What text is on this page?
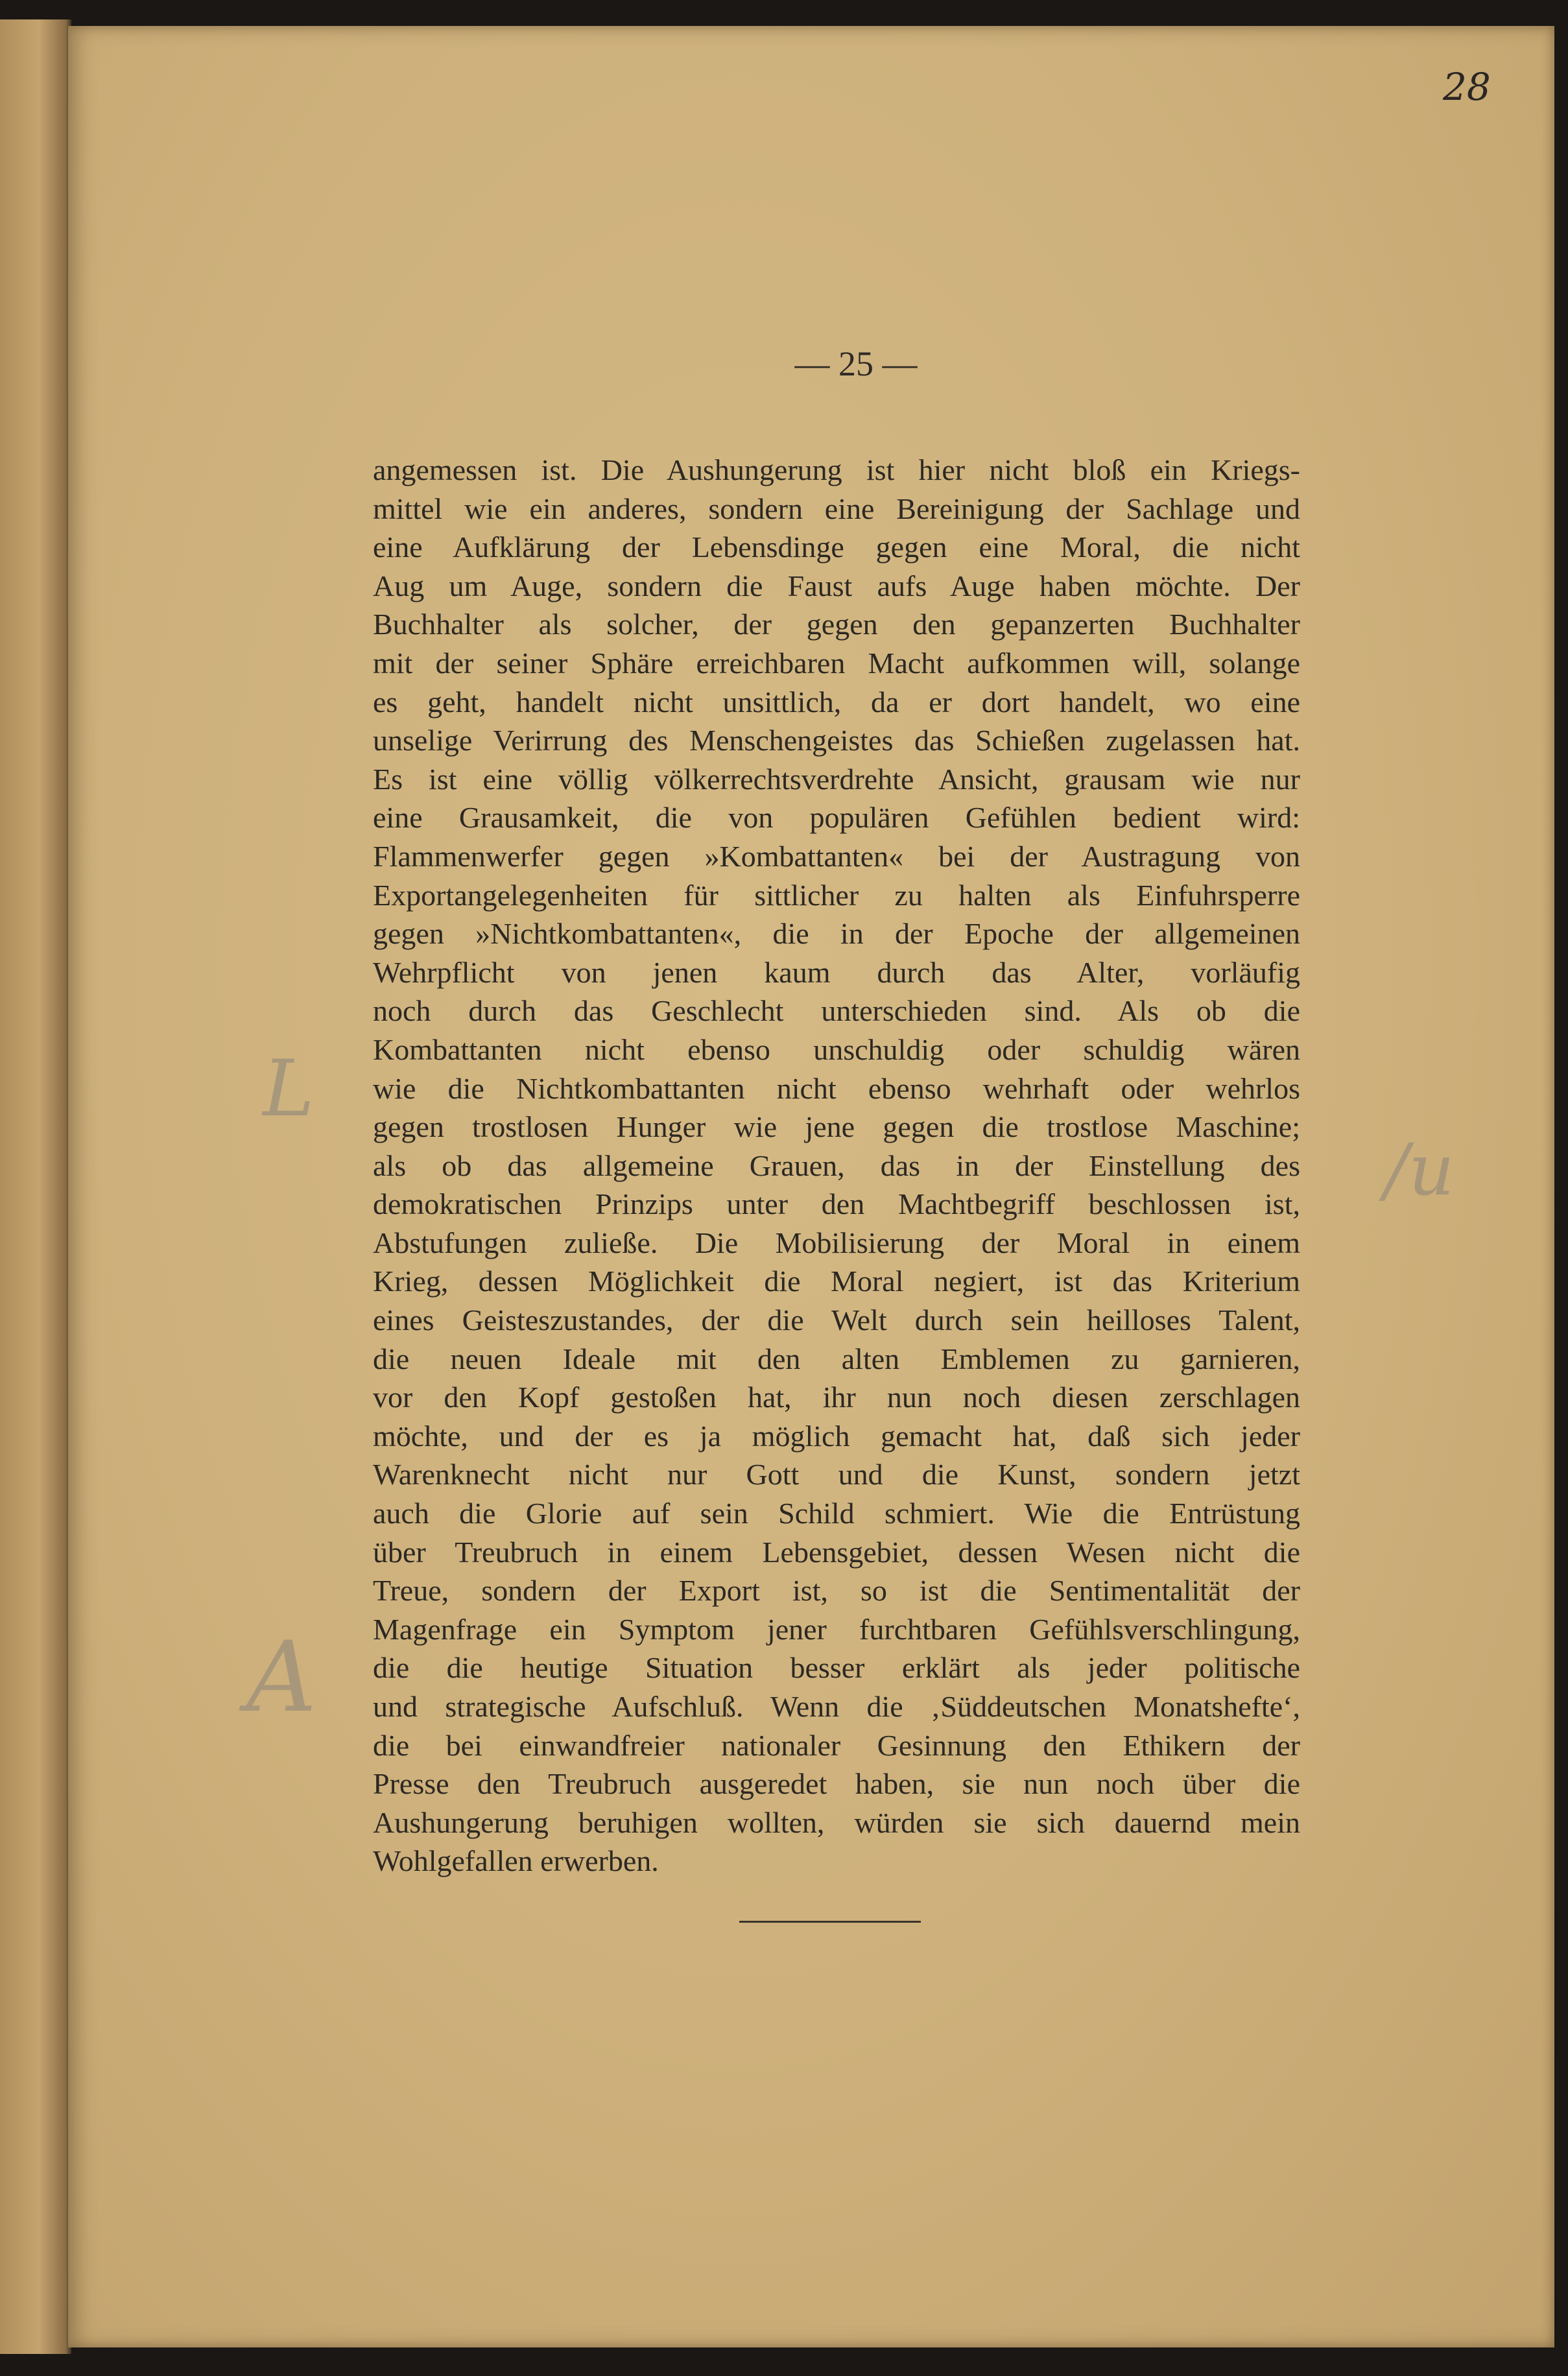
28
— 25 —
L
/u
A
angemessen ist. Die Aushungerung ist hier nicht bloß ein Kriegs-
mittel wie ein anderes, sondern eine Bereinigung der Sachlage und
eine Aufklärung der Lebensdinge gegen eine Moral, die nicht
Aug um Auge, sondern die Faust aufs Auge haben möchte. Der
Buchhalter als solcher, der gegen den gepanzerten Buchhalter
mit der seiner Sphäre erreichbaren Macht aufkommen will, solange
es geht, handelt nicht unsittlich, da er dort handelt, wo eine
unselige Verirrung des Menschengeistes das Schießen zugelassen hat.
Es ist eine völlig völkerrechtsverdrehte Ansicht, grausam wie nur
eine Grausamkeit, die von populären Gefühlen bedient wird:
Flammenwerfer gegen »Kombattanten« bei der Austragung von
Exportangelegenheiten für sittlicher zu halten als Einfuhrsperre
gegen »Nichtkombattanten«, die in der Epoche der allgemeinen
Wehrpflicht von jenen kaum durch das Alter, vorläufig
noch durch das Geschlecht unterschieden sind. Als ob die
Kombattanten nicht ebenso unschuldig oder schuldig wären
wie die Nichtkombattanten nicht ebenso wehrhaft oder wehrlos
gegen trostlosen Hunger wie jene gegen die trostlose Maschine;
als ob das allgemeine Grauen, das in der Einstellung des
demokratischen Prinzips unter den Machtbegriff beschlossen ist,
Abstufungen zuließe. Die Mobilisierung der Moral in einem
Krieg, dessen Möglichkeit die Moral negiert, ist das Kriterium
eines Geisteszustandes, der die Welt durch sein heilloses Talent,
die neuen Ideale mit den alten Emblemen zu garnieren,
vor den Kopf gestoßen hat, ihr nun noch diesen zerschlagen
möchte, und der es ja möglich gemacht hat, daß sich jeder
Warenknecht nicht nur Gott und die Kunst, sondern jetzt
auch die Glorie auf sein Schild schmiert. Wie die Entrüstung
über Treubruch in einem Lebensgebiet, dessen Wesen nicht die
Treue, sondern der Export ist, so ist die Sentimentalität der
Magenfrage ein Symptom jener furchtbaren Gefühlsverschlingung,
die die heutige Situation besser erklärt als jeder politische
und strategische Aufschluß. Wenn die ‚Süddeutschen Monatshefte‘,
die bei einwandfreier nationaler Gesinnung den Ethikern der
Presse den Treubruch ausgeredet haben, sie nun noch über die
Aushungerung beruhigen wollten, würden sie sich dauernd mein
Wohlgefallen erwerben.
